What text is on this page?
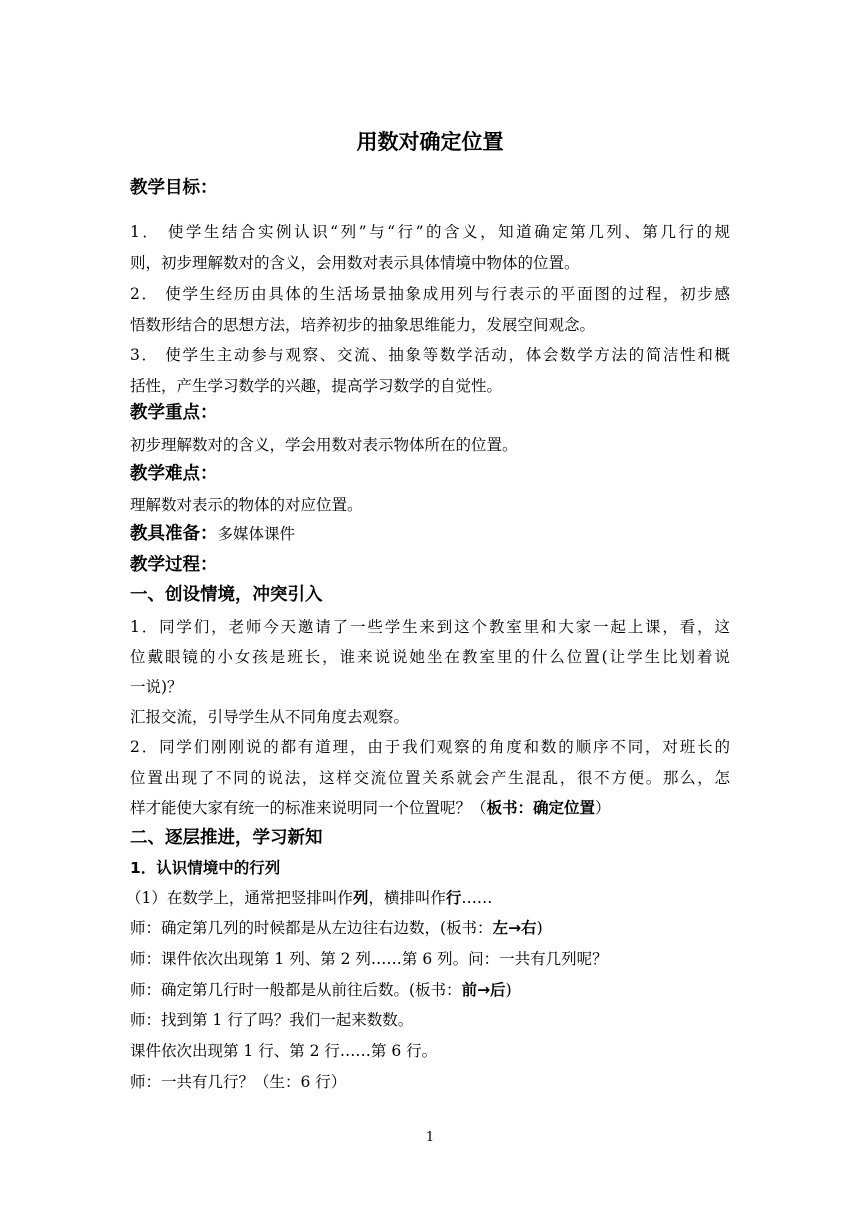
用数对确定位置
教学目标：
1． 使学生结合实例认识“列”与“行”的含义，知道确定第几列、第几行的规
则，初步理解数对的含义，会用数对表示具体情境中物体的位置。
2． 使学生经历由具体的生活场景抽象成用列与行表示的平面图的过程，初步感
悟数形结合的思想方法，培养初步的抽象思维能力，发展空间观念。
3． 使学生主动参与观察、交流、抽象等数学活动，体会数学方法的简洁性和概
括性，产生学习数学的兴趣，提高学习数学的自觉性。
教学重点：
初步理解数对的含义，学会用数对表示物体所在的位置。
教学难点：
理解数对表示的物体的对应位置。
教具准备：多媒体课件
教学过程：
一、创设情境，冲突引入
1．同学们，老师今天邀请了一些学生来到这个教室里和大家一起上课，看，这
位戴眼镜的小女孩是班长，谁来说说她坐在教室里的什么位置(让学生比划着说
一说)？
汇报交流，引导学生从不同角度去观察。
2．同学们刚刚说的都有道理，由于我们观察的角度和数的顺序不同，对班长的
位置出现了不同的说法，这样交流位置关系就会产生混乱，很不方便。那么，怎
样才能使大家有统一的标准来说明同一个位置呢？（板书：确定位置）
二、逐层推进，学习新知
1．认识情境中的行列
（1）在数学上，通常把竖排叫作列，横排叫作行……
师：确定第几列的时候都是从左边往右边数，(板书：左→右)
师：课件依次出现第 1 列、第 2 列……第 6 列。问：一共有几列呢？
师：确定第几行时一般都是从前往后数。(板书：前→后)
师：找到第 1 行了吗？我们一起来数数。
课件依次出现第 1 行、第 2 行……第 6 行。
师：一共有几行？（生：6 行）
1
